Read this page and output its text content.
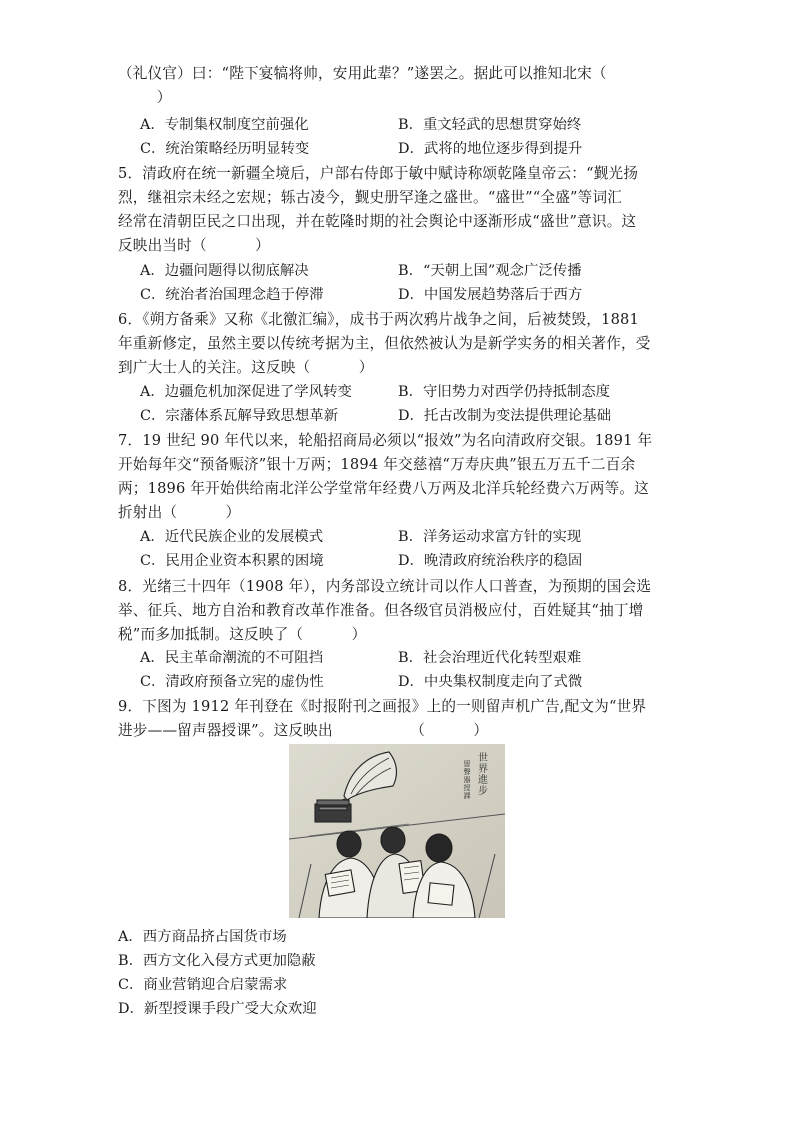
（礼仪官）曰：“陛下宴犒将帅，安用此辈？”遂罢之。据此可以推知北宋（

）

A．专制集权制度空前强化	B．重文轻武的思想贯穿始终
C．统治策略经历明显转变	D．武将的地位逐步得到提升

5．清政府在统一新疆全境后，户部右侍郎于敏中赋诗称颂乾隆皇帝云：“觐光扬

烈，继祖宗未经之宏规；轹古凌今，觐史册罕逢之盛世。“盛世”“全盛”等词汇

经常在清朝臣民之口出现，并在乾隆时期的社会舆论中逐渐形成“盛世”意识。这

反映出当时（          ）

A．边疆问题得以彻底解决	B．“天朝上国”观念广泛传播
C．统治者治国理念趋于停滞	D．中国发展趋势落后于西方

6．《朔方备乘》又称《北徼汇编》，成书于两次鸦片战争之间，后被焚毁，1881

年重新修定，虽然主要以传统考据为主，但依然被认为是新学实务的相关著作，受

到广大士人的关注。这反映（          ）

A．边疆危机加深促进了学风转变	B．守旧势力对西学仍持抵制态度
C．宗藩体系瓦解导致思想革新	D．托古改制为变法提供理论基础

7．19 世纪 90 年代以来，轮船招商局必须以“报效”为名向清政府交银。1891 年

开始每年交“预备赈济”银十万两；1894 年交慈禧“万寿庆典”银五万五千二百余

两；1896 年开始供给南北洋公学堂常年经费八万两及北洋兵轮经费六万两等。这

折射出（          ）

A．近代民族企业的发展模式	B．洋务运动求富方针的实现
C．民用企业资本积累的困境	D．晚清政府统治秩序的稳固

8．光绪三十四年（1908 年），内务部设立统计司以作人口普查，为预期的国会选

举、征兵、地方自治和教育改革作准备。但各级官员消极应付，百姓疑其“抽丁增

税”而多加抵制。这反映了（          ）

A．民主革命潮流的不可阻挡	B．社会治理近代化转型艰难
C．清政府预备立宪的虚伪性	D．中央集权制度走向了式微

9．下图为 1912 年刊登在《时报附刊之画报》上的一则留声机广告,配文为“世界

进步——留声器授课”。这反映出                （          ）

世界進步
留聲器授課
A．西方商品挤占国货市场
B．西方文化入侵方式更加隐蔽
C．商业营销迎合启蒙需求
D．新型授课手段广受大众欢迎
